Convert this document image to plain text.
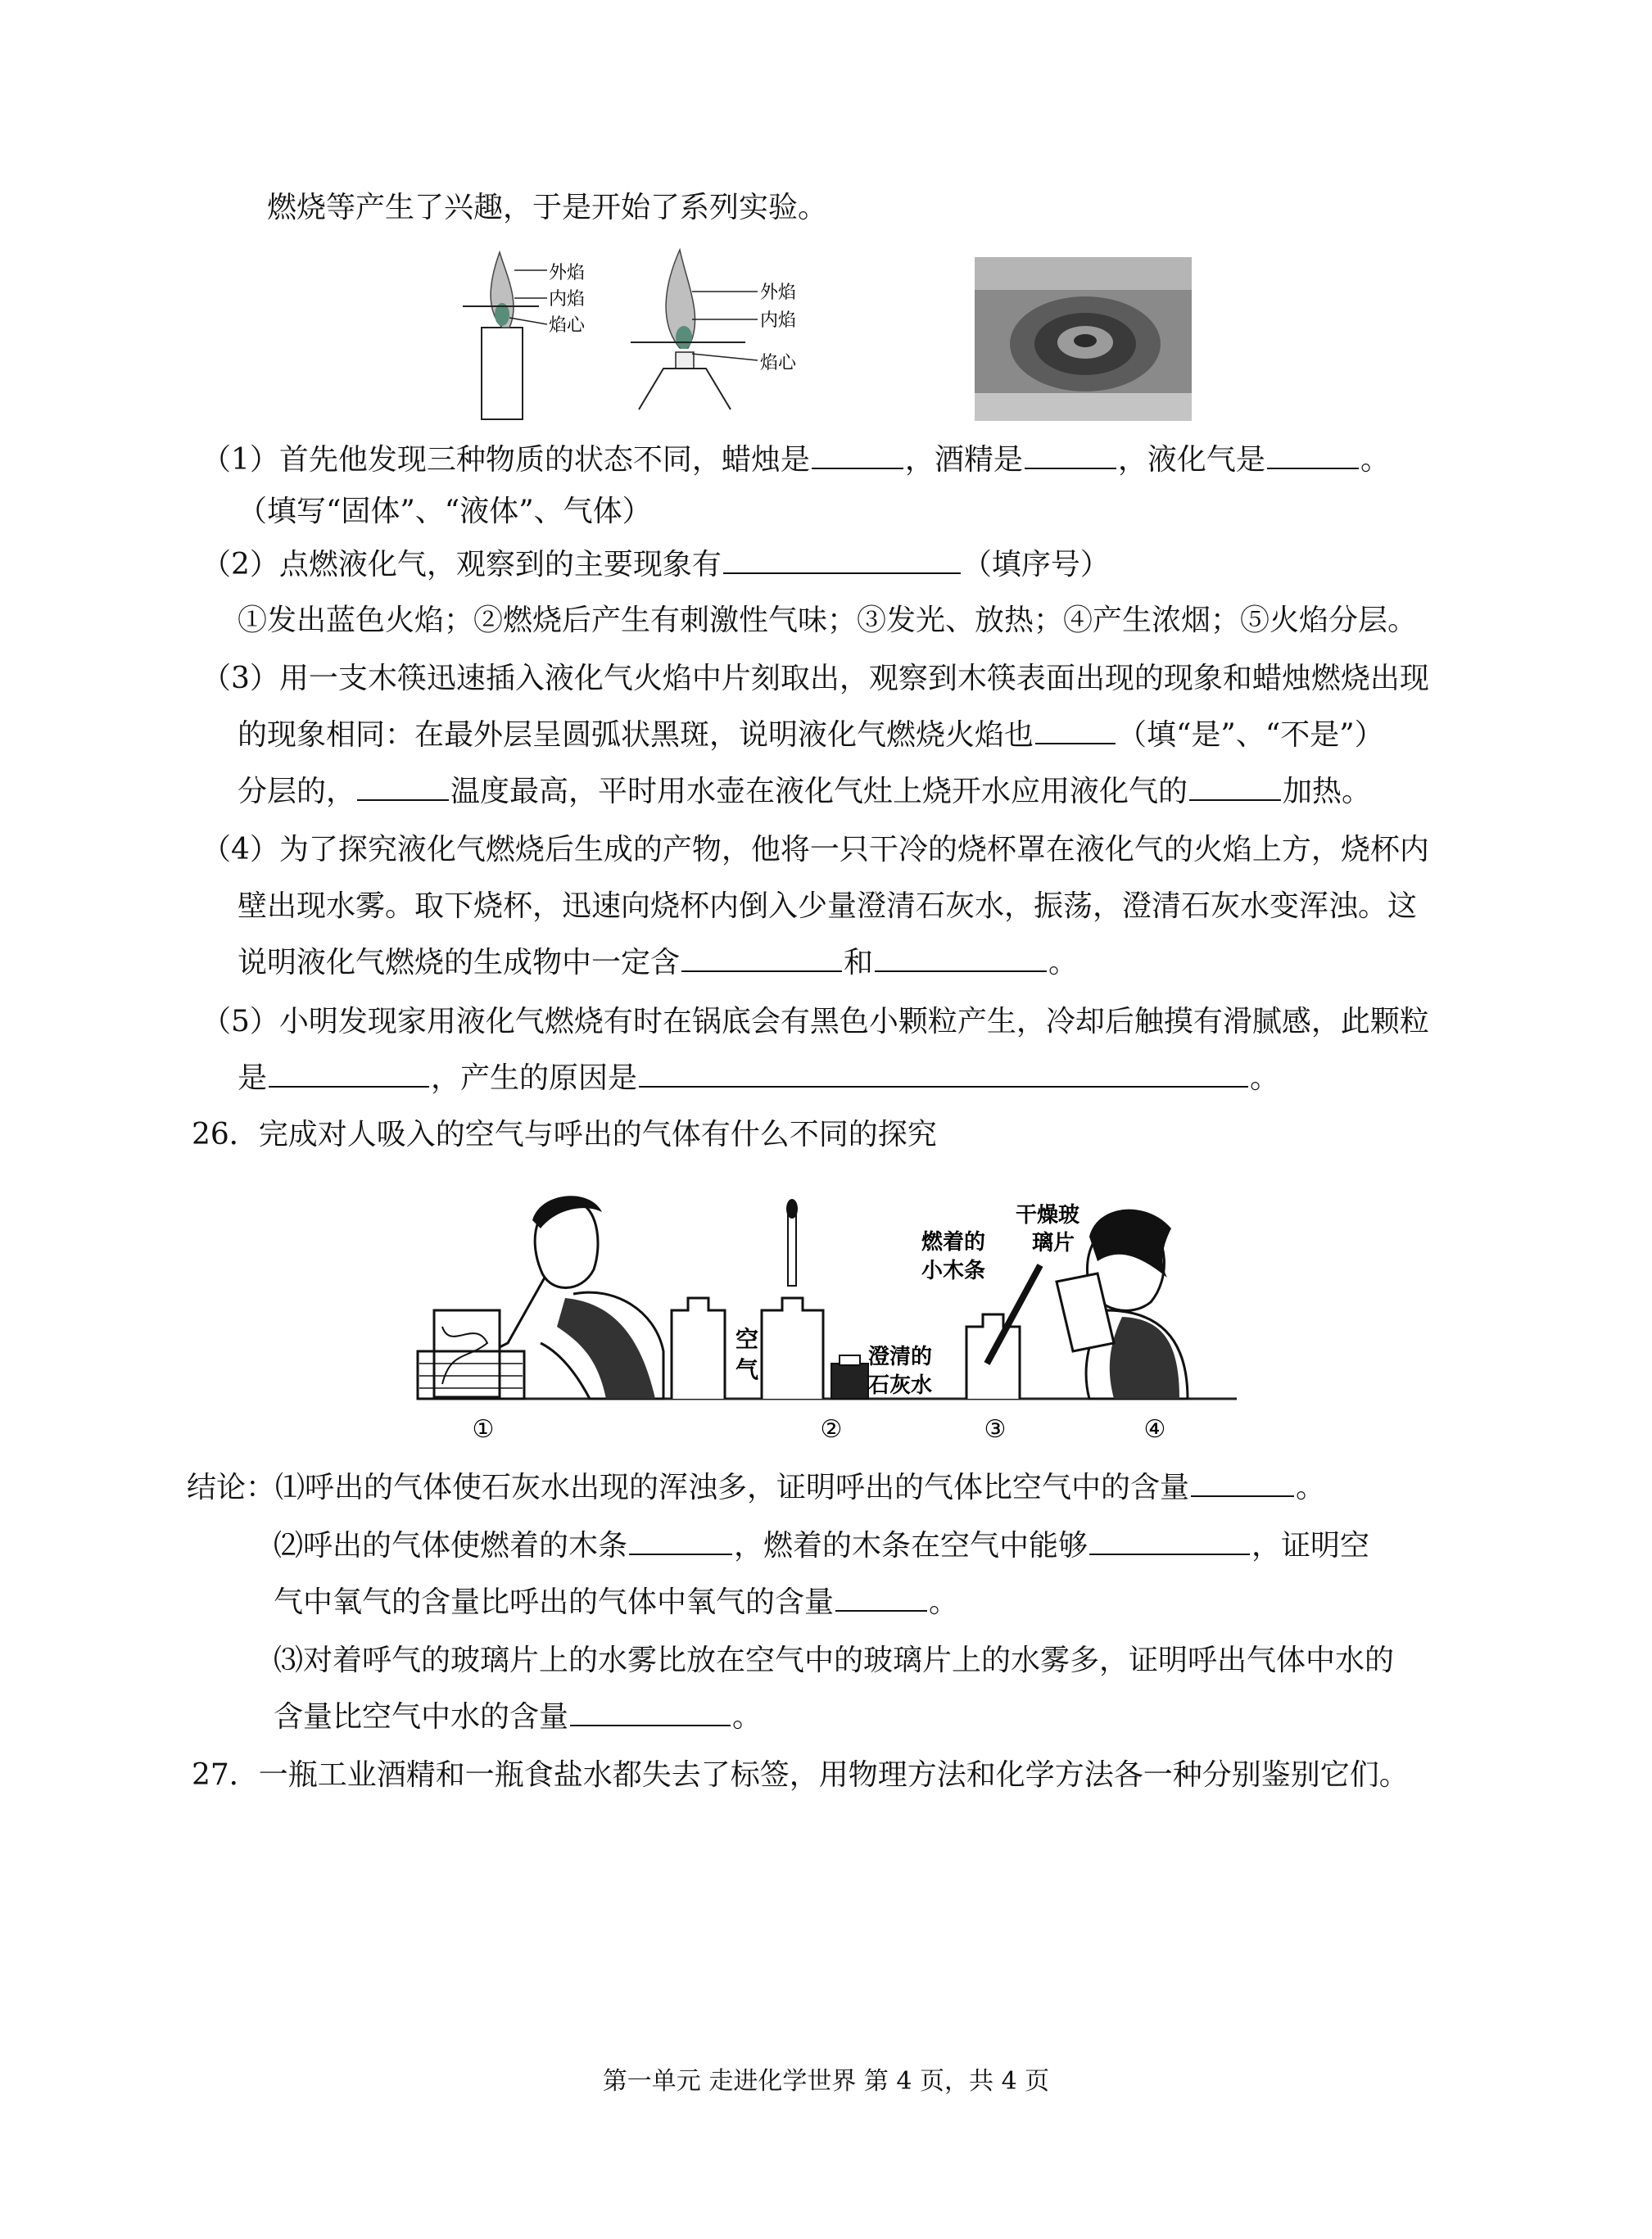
燃烧等产生了兴趣，于是开始了系列实验。
外焰
内焰
焰心
外焰
内焰
焰心
（1）首先他发现三种物质的状态不同，蜡烛是	，酒精是	，液化气是	。
（填写“固体”、“液体”、气体）
（2）点燃液化气，观察到的主要现象有	（填序号）
①发出蓝色火焰；②燃烧后产生有刺激性气味；③发光、放热；④产生浓烟；⑤火焰分层。
（3）用一支木筷迅速插入液化气火焰中片刻取出，观察到木筷表面出现的现象和蜡烛燃烧出现
的现象相同：在最外层呈圆弧状黑斑，说明液化气燃烧火焰也	（填“是”、“不是”）
分层的，	温度最高，平时用水壶在液化气灶上烧开水应用液化气的	加热。
（4）为了探究液化气燃烧后生成的产物，他将一只干冷的烧杯罩在液化气的火焰上方，烧杯内
壁出现水雾。取下烧杯，迅速向烧杯内倒入少量澄清石灰水，振荡，澄清石灰水变浑浊。这
说明液化气燃烧的生成物中一定含	和	。
（5）小明发现家用液化气燃烧有时在锅底会有黑色小颗粒产生，冷却后触摸有滑腻感，此颗粒
是	，产生的原因是	。
26．完成对人吸入的空气与呼出的气体有什么不同的探究
空
气	澄清的
石灰水
燃着的
小木条
干燥玻
璃片
①	②	③	④
结论：⑴呼出的气体使石灰水出现的浑浊多，证明呼出的气体比空气中的含量	。
⑵呼出的气体使燃着的木条	，燃着的木条在空气中能够	，证明空
气中氧气的含量比呼出的气体中氧气的含量	。
⑶对着呼气的玻璃片上的水雾比放在空气中的玻璃片上的水雾多，证明呼出气体中水的
含量比空气中水的含量	。
27．一瓶工业酒精和一瓶食盐水都失去了标签，用物理方法和化学方法各一种分别鉴别它们。
第一单元 走进化学世界 第 4 页，共 4 页
